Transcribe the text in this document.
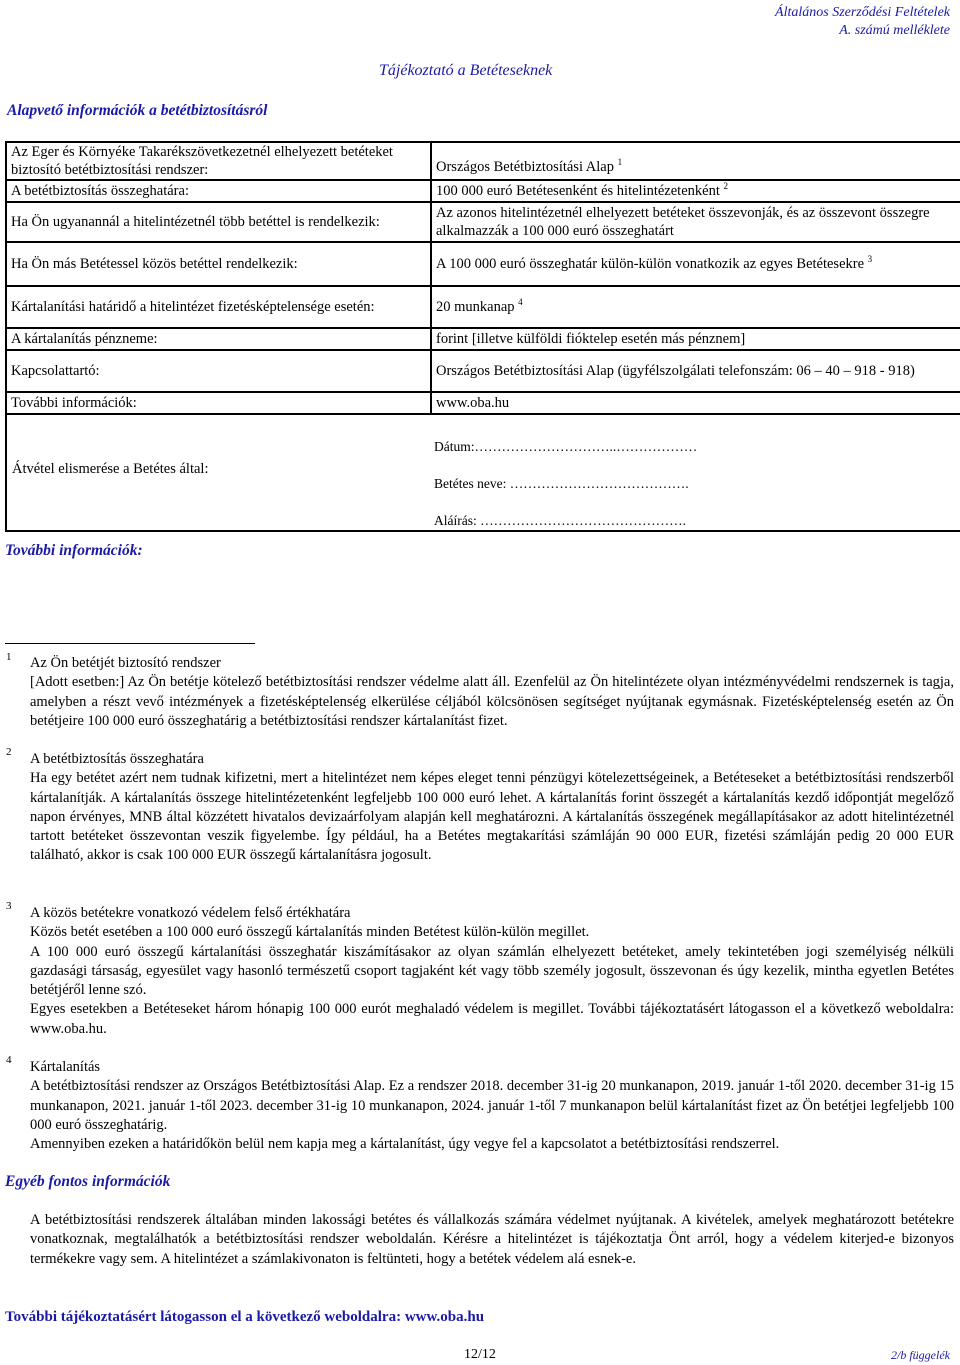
Általános Szerződési Feltételek
A. számú melléklete
Tájékoztató a Betéteseknek
Alapvető információk a betétbiztosításról
Az Eger és Környéke Takarékszövetkezetnél elhelyezett betéteket biztosító betétbiztosítási rendszer:	Országos Betétbiztosítási Alap $^1$
A betétbiztosítás összeghatára:	100 000 euró Betétesenként és hitelintézetenként $^2$
Ha Ön ugyanannál a hitelintézetnél több betéttel is rendelkezik:	Az azonos hitelintézetnél elhelyezett betéteket összevonják, és az összevont összegre alkalmazzák a 100 000 euró összeghatárt
Ha Ön más Betétessel közös betéttel rendelkezik:	A 100 000 euró összeghatár külön-külön vonatkozik az egyes Betétesekre $^3$
Kártalanítási határidő a hitelintézet fizetésképtelensége esetén:	20 munkanap $^4$
A kártalanítás pénzneme:	forint [illetve külföldi fióktelep esetén más pénznem]
Kapcsolattartó:	Országos Betétbiztosítási Alap (ügyfélszolgálati telefonszám: 06 – 40 – 918 - 918)
További információk:	www.oba.hu
Átvétel elismerése a Betétes által:
Dátum:…………………………..………………
Betétes neve: ………………………………….
Aláírás: ……………………………………….
További információk:
1 Az Ön betétjét biztosító rendszer

[Adott esetben:] Az Ön betétje kötelező betétbiztosítási rendszer védelme alatt áll. Ezenfelül az Ön hitelintézete olyan intézményvédelmi rendszernek is tagja, amelyben a részt vevő intézmények a fizetésképtelenség elkerülése céljából kölcsönösen segítséget nyújtanak egymásnak. Fizetésképtelenség esetén az Ön betétjeire 100 000 euró összeghatárig a betétbiztosítási rendszer kártalanítást fizet.

2 A betétbiztosítás összeghatára

Ha egy betétet azért nem tudnak kifizetni, mert a hitelintézet nem képes eleget tenni pénzügyi kötelezettségeinek, a Betéteseket a betétbiztosítási rendszerből kártalanítják. A kártalanítás összege hitelintézetenként legfeljebb 100 000 euró lehet. A kártalanítás forint összegét a kártalanítás kezdő időpontját megelőző napon érvényes, MNB által közzétett hivatalos devizaárfolyam alapján kell meghatározni. A kártalanítás összegének megállapításakor az adott hitelintézetnél tartott betéteket összevontan veszik figyelembe. Így például, ha a Betétes megtakarítási számláján 90 000 EUR, fizetési számláján pedig 20 000 EUR található, akkor is csak 100 000 EUR összegű kártalanításra jogosult.

3 A közös betétekre vonatkozó védelem felső értékhatára

Közös betét esetében a 100 000 euró összegű kártalanítás minden Betétest külön-külön megillet.

A 100 000 euró összegű kártalanítási összeghatár kiszámításakor az olyan számlán elhelyezett betéteket, amely tekintetében jogi személyiség nélküli gazdasági társaság, egyesület vagy hasonló természetű csoport tagjaként két vagy több személy jogosult, összevonan és úgy kezelik, mintha egyetlen Betétes betétjéről lenne szó.

Egyes esetekben a Betéteseket három hónapig 100 000 eurót meghaladó védelem is megillet. További tájékoztatásért látogasson el a következő weboldalra: www.oba.hu.

4 Kártalanítás

A betétbiztosítási rendszer az Országos Betétbiztosítási Alap. Ez a rendszer 2018. december 31-ig 20 munkanapon, 2019. január 1-től 2020. december 31-ig 15 munkanapon, 2021. január 1-től 2023. december 31-ig 10 munkanapon, 2024. január 1-től 7 munkanapon belül kártalanítást fizet az Ön betétjei legfeljebb 100 000 euró összeghatárig.

Amennyiben ezeken a határidőkön belül nem kapja meg a kártalanítást, úgy vegye fel a kapcsolatot a betétbiztosítási rendszerrel.

Egyéb fontos információk
A betétbiztosítási rendszerek általában minden lakossági betétes és vállalkozás számára védelmet nyújtanak. A kivételek, amelyek meghatározott betétekre vonatkoznak, megtalálhatók a betétbiztosítási rendszer weboldalán. Kérésre a hitelintézet is tájékoztatja Önt arról, hogy a védelem kiterjed-e bizonyos termékekre vagy sem. A hitelintézet a számlakivonaton is feltünteti, hogy a betétek védelem alá esnek-e.
További tájékoztatásért látogasson el a következő weboldalra: www.oba.hu
12/12	2/b függelék
